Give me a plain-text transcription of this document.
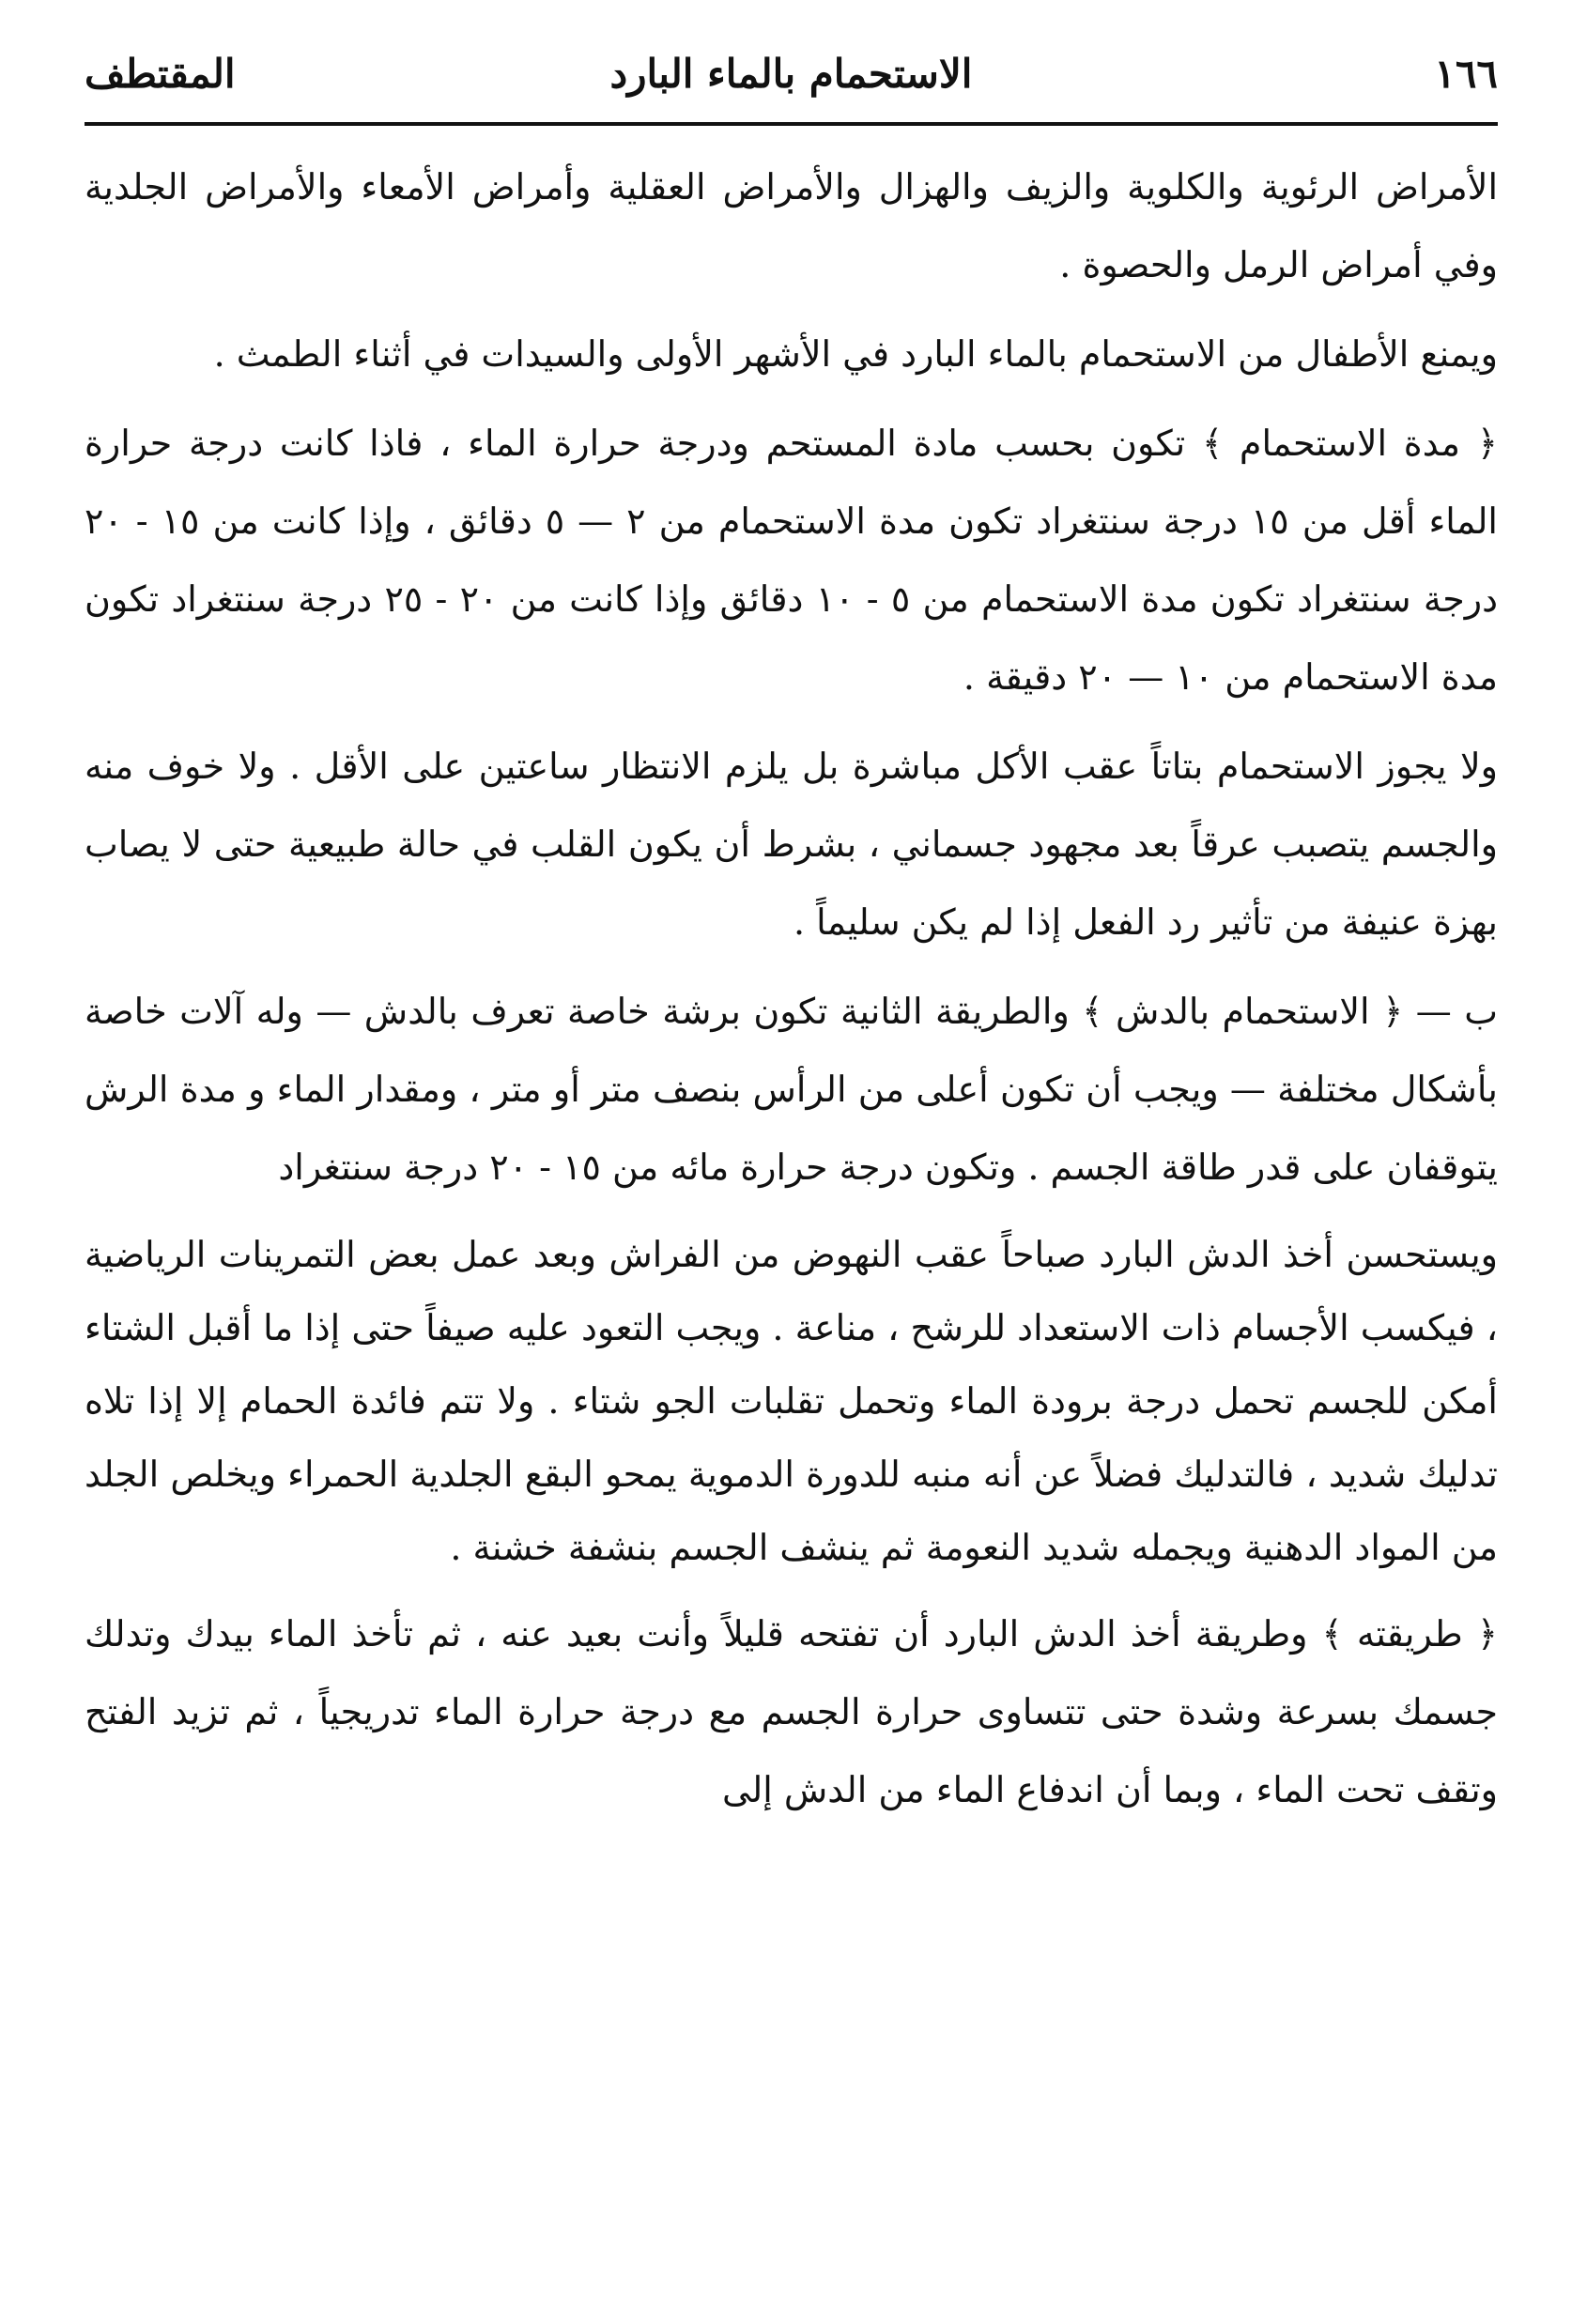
١٦٦
الاستحمام بالماء البارد
المقتطف

الأمراض الرئوية والكلوية والزيف والهزال والأمراض العقلية وأمراض الأمعاء والأمراض الجلدية وفي أمراض الرمل والحصوة .

ويمنع الأطفال من الاستحمام بالماء البارد في الأشهر الأولى والسيدات في أثناء الطمث .

﴿ مدة الاستحمام ﴾ تكون بحسب مادة المستحم ودرجة حرارة الماء ، فاذا كانت درجة حرارة الماء أقل من ١٥ درجة سنتغراد تكون مدة الاستحمام من ٢ — ٥ دقائق ، وإذا كانت من ١٥ - ٢٠ درجة سنتغراد تكون مدة الاستحمام من ٥ - ١٠ دقائق وإذا كانت من ٢٠ - ٢٥ درجة سنتغراد تكون مدة الاستحمام من ١٠ — ٢٠ دقيقة .

ولا يجوز الاستحمام بتاتاً عقب الأكل مباشرة بل يلزم الانتظار ساعتين على الأقل . ولا خوف منه والجسم يتصبب عرقاً بعد مجهود جسماني ، بشرط أن يكون القلب في حالة طبيعية حتى لا يصاب بهزة عنيفة من تأثير رد الفعل إذا لم يكن سليماً .

ب — ﴿ الاستحمام بالدش ﴾ والطريقة الثانية تكون برشة خاصة تعرف بالدش — وله آلات خاصة بأشكال مختلفة — ويجب أن تكون أعلى من الرأس بنصف متر أو متر ، ومقدار الماء و مدة الرش يتوقفان على قدر طاقة الجسم . وتكون درجة حرارة مائه من ١٥ - ٢٠ درجة سنتغراد

ويستحسن أخذ الدش البارد صباحاً عقب النهوض من الفراش وبعد عمل بعض التمرينات الرياضية ، فيكسب الأجسام ذات الاستعداد للرشح ، مناعة . ويجب التعود عليه صيفاً حتى إذا ما أقبل الشتاء أمكن للجسم تحمل درجة برودة الماء وتحمل تقلبات الجو شتاء . ولا تتم فائدة الحمام إلا إذا تلاه تدليك شديد ، فالتدليك فضلاً عن أنه منبه للدورة الدموية يمحو البقع الجلدية الحمراء ويخلص الجلد من المواد الدهنية ويجمله شديد النعومة ثم ينشف الجسم بنشفة خشنة .

﴿ طريقته ﴾ وطريقة أخذ الدش البارد أن تفتحه قليلاً وأنت بعيد عنه ، ثم تأخذ الماء بيدك وتدلك جسمك بسرعة وشدة حتى تتساوى حرارة الجسم مع درجة حرارة الماء تدريجياً ، ثم تزيد الفتح وتقف تحت الماء ، وبما أن اندفاع الماء من الدش إلى
